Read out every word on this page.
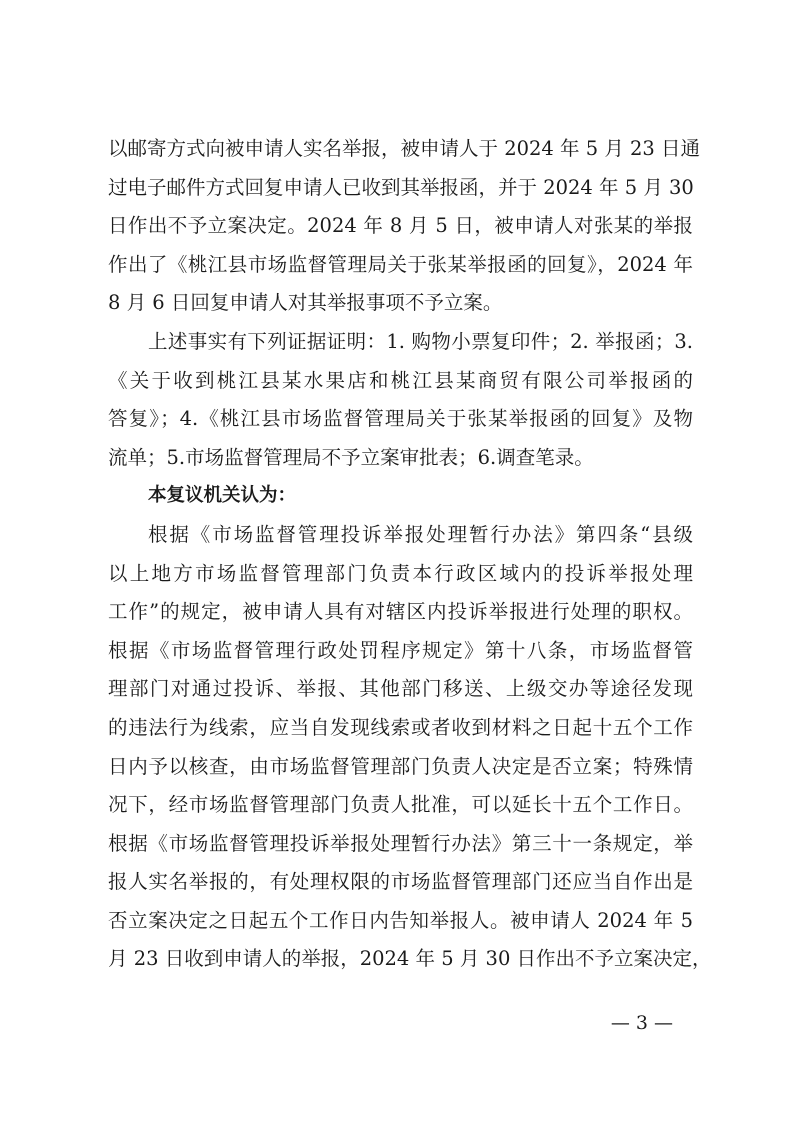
以邮寄方式向被申请人实名举报，被申请人于 2024 年 5 月 23 日通
过电子邮件方式回复申请人已收到其举报函，并于 2024 年 5 月 30
日作出不予立案决定。2024 年 8 月 5 日，被申请人对张某的举报
作出了《桃江县市场监督管理局关于张某举报函的回复》，2024 年
8 月 6 日回复申请人对其举报事项不予立案。
上述事实有下列证据证明：1. 购物小票复印件；2. 举报函；3.
《关于收到桃江县某水果店和桃江县某商贸有限公司举报函的
答复》；4.《桃江县市场监督管理局关于张某举报函的回复》及物
流单；5.市场监督管理局不予立案审批表；6.调查笔录。
本复议机关认为：
根据《市场监督管理投诉举报处理暂行办法》第四条“县级
以上地方市场监督管理部门负责本行政区域内的投诉举报处理
工作”的规定，被申请人具有对辖区内投诉举报进行处理的职权。
根据《市场监督管理行政处罚程序规定》第十八条，市场监督管
理部门对通过投诉、举报、其他部门移送、上级交办等途径发现
的违法行为线索，应当自发现线索或者收到材料之日起十五个工作
日内予以核查，由市场监督管理部门负责人决定是否立案；特殊情
况下，经市场监督管理部门负责人批准，可以延长十五个工作日。
根据《市场监督管理投诉举报处理暂行办法》第三十一条规定，举
报人实名举报的，有处理权限的市场监督管理部门还应当自作出是
否立案决定之日起五个工作日内告知举报人。被申请人 2024 年 5
月 23 日收到申请人的举报，2024 年 5 月 30 日作出不予立案决定，
— 3 —
